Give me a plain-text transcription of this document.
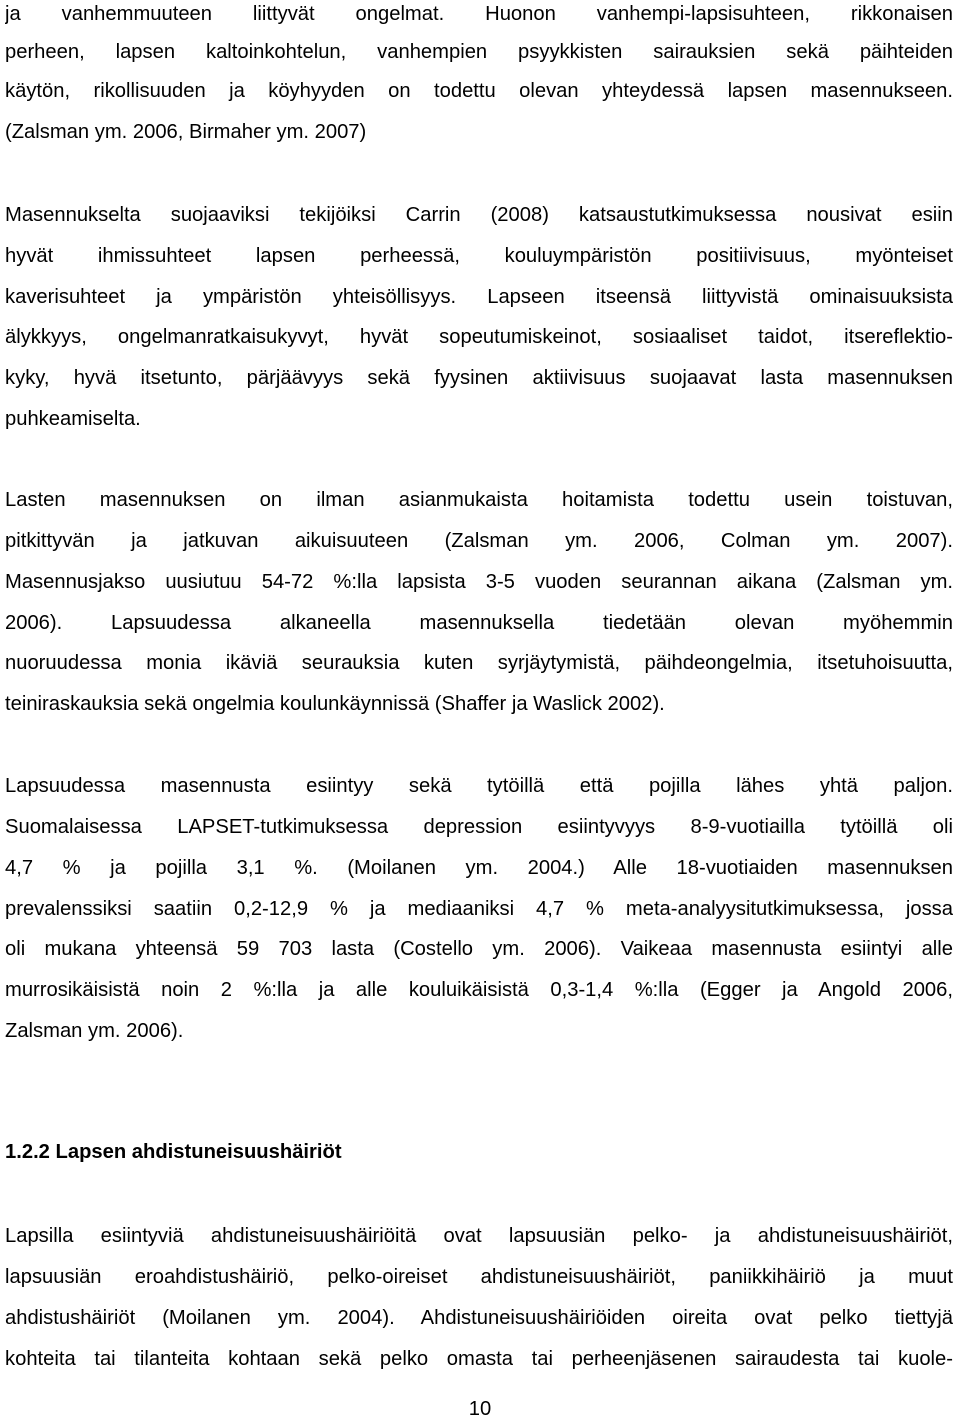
ja vanhemmuuteen liittyvät ongelmat. Huonon vanhempi-lapsisuhteen, rikkonaisen
perheen, lapsen kaltoinkohtelun, vanhempien psyykkisten sairauksien sekä päihteiden
käytön, rikollisuuden ja köyhyyden on todettu olevan yhteydessä lapsen masennukseen.
(Zalsman ym. 2006, Birmaher ym. 2007)
Masennukselta suojaaviksi tekijöiksi Carrin (2008) katsaustutkimuksessa nousivat esiin
hyvät ihmissuhteet lapsen perheessä, kouluympäristön positiivisuus, myönteiset
kaverisuhteet ja ympäristön yhteisöllisyys. Lapseen itseensä liittyvistä ominaisuuksista
älykkyys, ongelmanratkaisukyvyt, hyvät sopeutumiskeinot, sosiaaliset taidot, itsereflektio-
kyky, hyvä itsetunto, pärjäävyys sekä fyysinen aktiivisuus suojaavat lasta masennuksen
puhkeamiselta.
Lasten masennuksen on ilman asianmukaista hoitamista todettu usein toistuvan,
pitkittyvän ja jatkuvan aikuisuuteen (Zalsman ym. 2006, Colman ym. 2007).
Masennusjakso uusiutuu 54-72 %:lla lapsista 3-5 vuoden seurannan aikana (Zalsman ym.
2006). Lapsuudessa alkaneella masennuksella tiedetään olevan myöhemmin
nuoruudessa monia ikäviä seurauksia kuten syrjäytymistä, päihdeongelmia, itsetuhoisuutta,
teiniraskauksia sekä ongelmia koulunkäynnissä (Shaffer ja Waslick 2002).
Lapsuudessa masennusta esiintyy sekä tytöillä että pojilla lähes yhtä paljon.
Suomalaisessa LAPSET-tutkimuksessa depression esiintyvyys 8-9-vuotiailla tytöillä oli
4,7 % ja pojilla 3,1 %. (Moilanen ym. 2004.) Alle 18-vuotiaiden masennuksen
prevalenssiksi saatiin 0,2-12,9 % ja mediaaniksi 4,7 % meta-analyysitutkimuksessa, jossa
oli mukana yhteensä 59 703 lasta (Costello ym. 2006). Vaikeaa masennusta esiintyi alle
murrosikäisistä noin 2 %:lla ja alle kouluikäisistä 0,3-1,4 %:lla (Egger ja Angold 2006,
Zalsman ym. 2006).
1.2.2 Lapsen ahdistuneisuushäiriöt
Lapsilla esiintyviä ahdistuneisuushäiriöitä ovat lapsuusiän pelko- ja ahdistuneisuushäiriöt,
lapsuusiän eroahdistushäiriö, pelko-oireiset ahdistuneisuushäiriöt, paniikkihäiriö ja muut
ahdistushäiriöt (Moilanen ym. 2004). Ahdistuneisuushäiriöiden oireita ovat pelko tiettyjä
kohteita tai tilanteita kohtaan sekä pelko omasta tai perheenjäsenen sairaudesta tai kuole-
10
